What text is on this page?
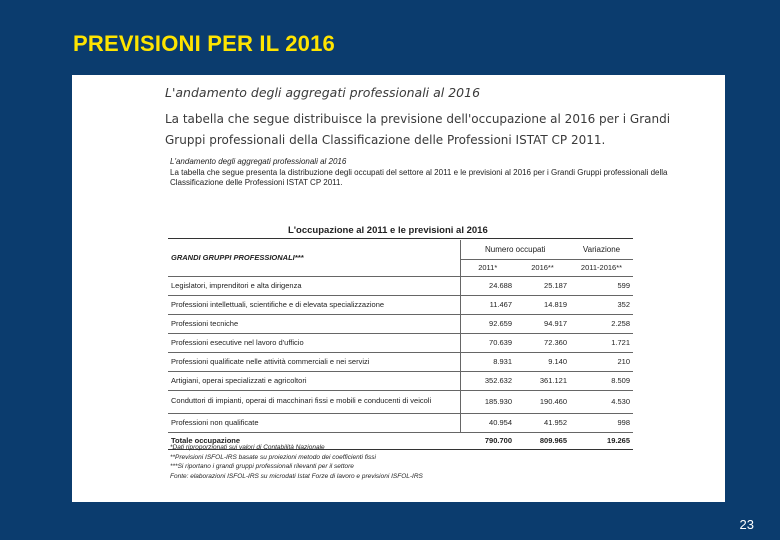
PREVISIONI PER IL 2016
L'andamento degli aggregati professionali al 2016
La tabella che segue distribuisce la previsione dell'occupazione al 2016 per i Grandi Gruppi professionali della Classificazione delle Professioni ISTAT CP 2011.
L'andamento degli aggregati professionali al 2016
La tabella che segue presenta la distribuzione degli occupati del settore al 2011 e le previsioni al 2016 per i Grandi Gruppi professionali della Classificazione delle Professioni ISTAT CP 2011.
L'occupazione al 2011 e le previsioni al 2016
GRANDI GRUPPI PROFESSIONALI***	Numero occupati		Variazione
	2011*	2016**	2011-2016**
Legislatori, imprenditori e alta dirigenza	24.688	25.187	599
Professioni intellettuali, scientifiche e di elevata specializzazione	11.467	14.819	352
Professioni tecniche	92.659	94.917	2.258
Professioni esecutive nel lavoro d'ufficio	70.639	72.360	1.721
Professioni qualificate nelle attività commerciali e nei servizi	8.931	9.140	210
Artigiani, operai specializzati e agricoltori	352.632	361.121	8.509
Conduttori di impianti, operai di macchinari fissi e mobili e conducenti di veicoli	185.930	190.460	4.530
Professioni non qualificate	40.954	41.952	998
Totale occupazione	790.700	809.965	19.265
*Dati riproporzionati sui valori di Contabilità Nazionale
**Previsioni ISFOL-IRS basate su proiezioni metodo dei coefficienti fissi
***Si riportano i grandi gruppi professionali rilevanti per il settore
Fonte: elaborazioni ISFOL-IRS su microdati Istat Forze di lavoro e previsioni ISFOL-IRS
23
